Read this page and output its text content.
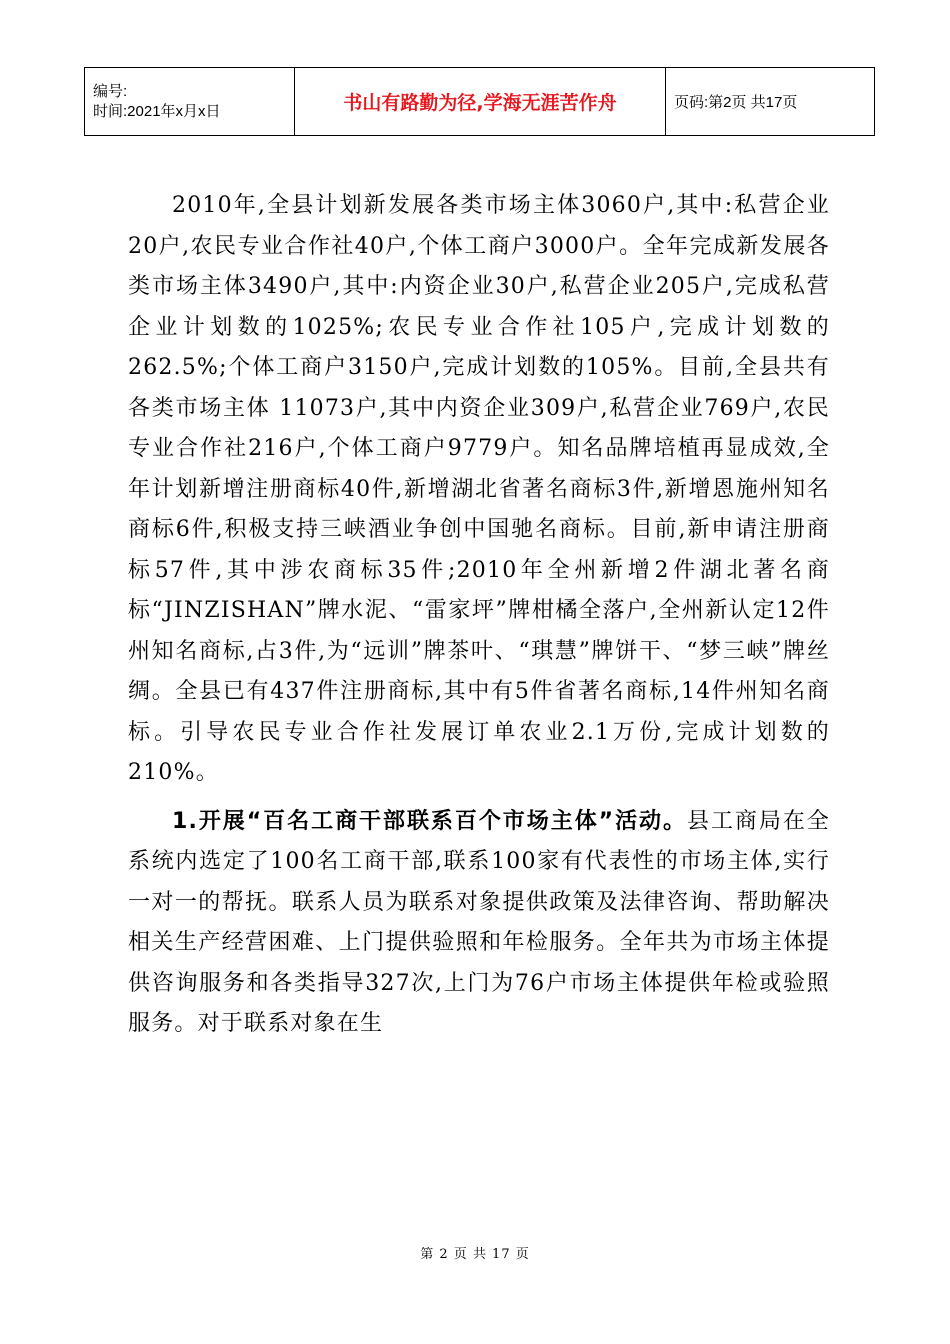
编号:
时间:2021年x月x日	书山有路勤为径,学海无涯苦作舟	页码:第2页 共17页

2010年,全县计划新发展各类市场主体3060户,其中:私营企业20户,农民专业合作社40户,个体工商户3000户。全年完成新发展各类市场主体3490户,其中:内资企业30户,私营企业205户,完成私营企业计划数的1025%;农民专业合作社105户,完成计划数的262.5%;个体工商户3150户,完成计划数的105%。目前,全县共有各类市场主体 11073户,其中内资企业309户,私营企业769户,农民专业合作社216户,个体工商户9779户。知名品牌培植再显成效,全年计划新增注册商标40件,新增湖北省著名商标3件,新增恩施州知名商标6件,积极支持三峡酒业争创中国驰名商标。目前,新申请注册商标57件,其中涉农商标35件;2010年全州新增2件湖北著名商标“JINZISHAN”牌水泥、“雷家坪”牌柑橘全落户,全州新认定12件州知名商标,占3件,为“远训”牌茶叶、“琪慧”牌饼干、“梦三峡”牌丝绸。全县已有437件注册商标,其中有5件省著名商标,14件州知名商标。引导农民专业合作社发展订单农业2.1万份,完成计划数的210%。

1.开展“百名工商干部联系百个市场主体”活动。县工商局在全系统内选定了100名工商干部,联系100家有代表性的市场主体,实行一对一的帮抚。联系人员为联系对象提供政策及法律咨询、帮助解决相关生产经营困难、上门提供验照和年检服务。全年共为市场主体提供咨询服务和各类指导327次,上门为76户市场主体提供年检或验照服务。对于联系对象在生

第 2 页 共 17 页
